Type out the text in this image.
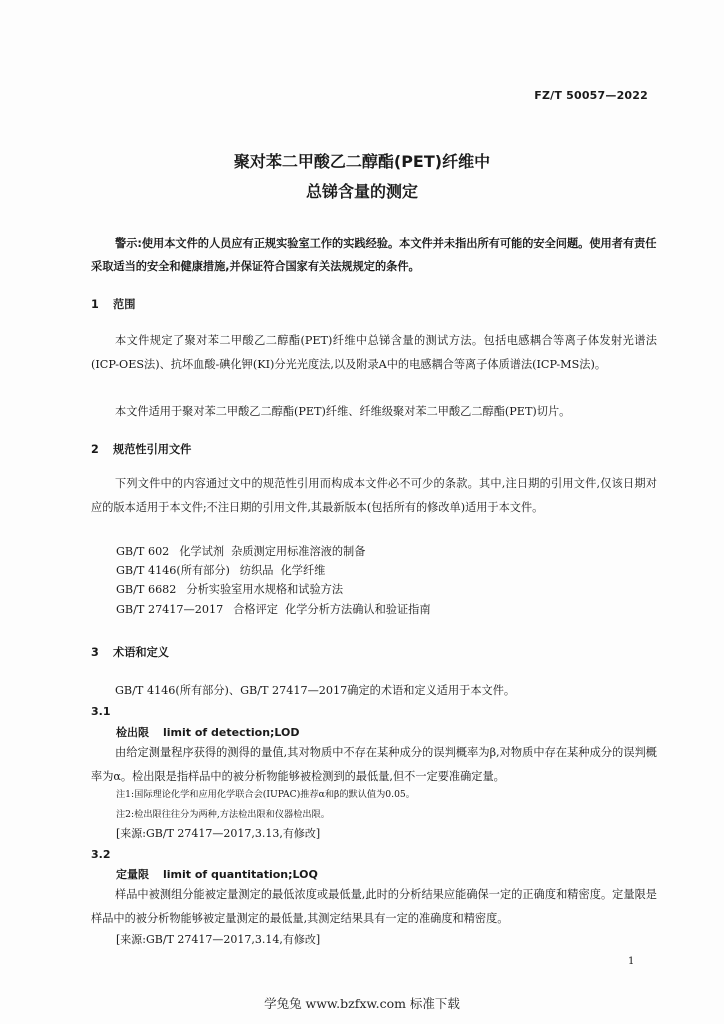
FZ/T 50057—2022
聚对苯二甲酸乙二醇酯(PET)纤维中
总锑含量的测定
警示:使用本文件的人员应有正规实验室工作的实践经验。本文件并未指出所有可能的安全问题。使用者有责任采取适当的安全和健康措施,并保证符合国家有关法规规定的条件。
1 范围
本文件规定了聚对苯二甲酸乙二醇酯(PET)纤维中总锑含量的测试方法。包括电感耦合等离子体发射光谱法(ICP-OES法)、抗坏血酸-碘化钾(KI)分光光度法,以及附录A中的电感耦合等离子体质谱法(ICP-MS法)。
本文件适用于聚对苯二甲酸乙二醇酯(PET)纤维、纤维级聚对苯二甲酸乙二醇酯(PET)切片。
2 规范性引用文件
下列文件中的内容通过文中的规范性引用而构成本文件必不可少的条款。其中,注日期的引用文件,仅该日期对应的版本适用于本文件;不注日期的引用文件,其最新版本(包括所有的修改单)适用于本文件。
GB/T 602 化学试剂  杂质测定用标准溶液的制备
GB/T 4146(所有部分) 纺织品  化学纤维
GB/T 6682 分析实验室用水规格和试验方法
GB/T 27417—2017 合格评定  化学分析方法确认和验证指南
3 术语和定义
GB/T 4146(所有部分)、GB/T 27417—2017确定的术语和定义适用于本文件。
3.1
检出限 limit of detection;LOD
由给定测量程序获得的测得的量值,其对物质中不存在某种成分的误判概率为β,对物质中存在某种成分的误判概率为α。检出限是指样品中的被分析物能够被检测到的最低量,但不一定要准确定量。
注1:国际理论化学和应用化学联合会(IUPAC)推荐α和β的默认值为0.05。
注2:检出限往往分为两种,方法检出限和仪器检出限。
[来源:GB/T 27417—2017,3.13,有修改]
3.2
定量限 limit of quantitation;LOQ
样品中被测组分能被定量测定的最低浓度或最低量,此时的分析结果应能确保一定的正确度和精密度。定量限是样品中的被分析物能够被定量测定的最低量,其测定结果具有一定的准确度和精密度。
[来源:GB/T 27417—2017,3.14,有修改]
1
学兔兔 www.bzfxw.com 标准下载
